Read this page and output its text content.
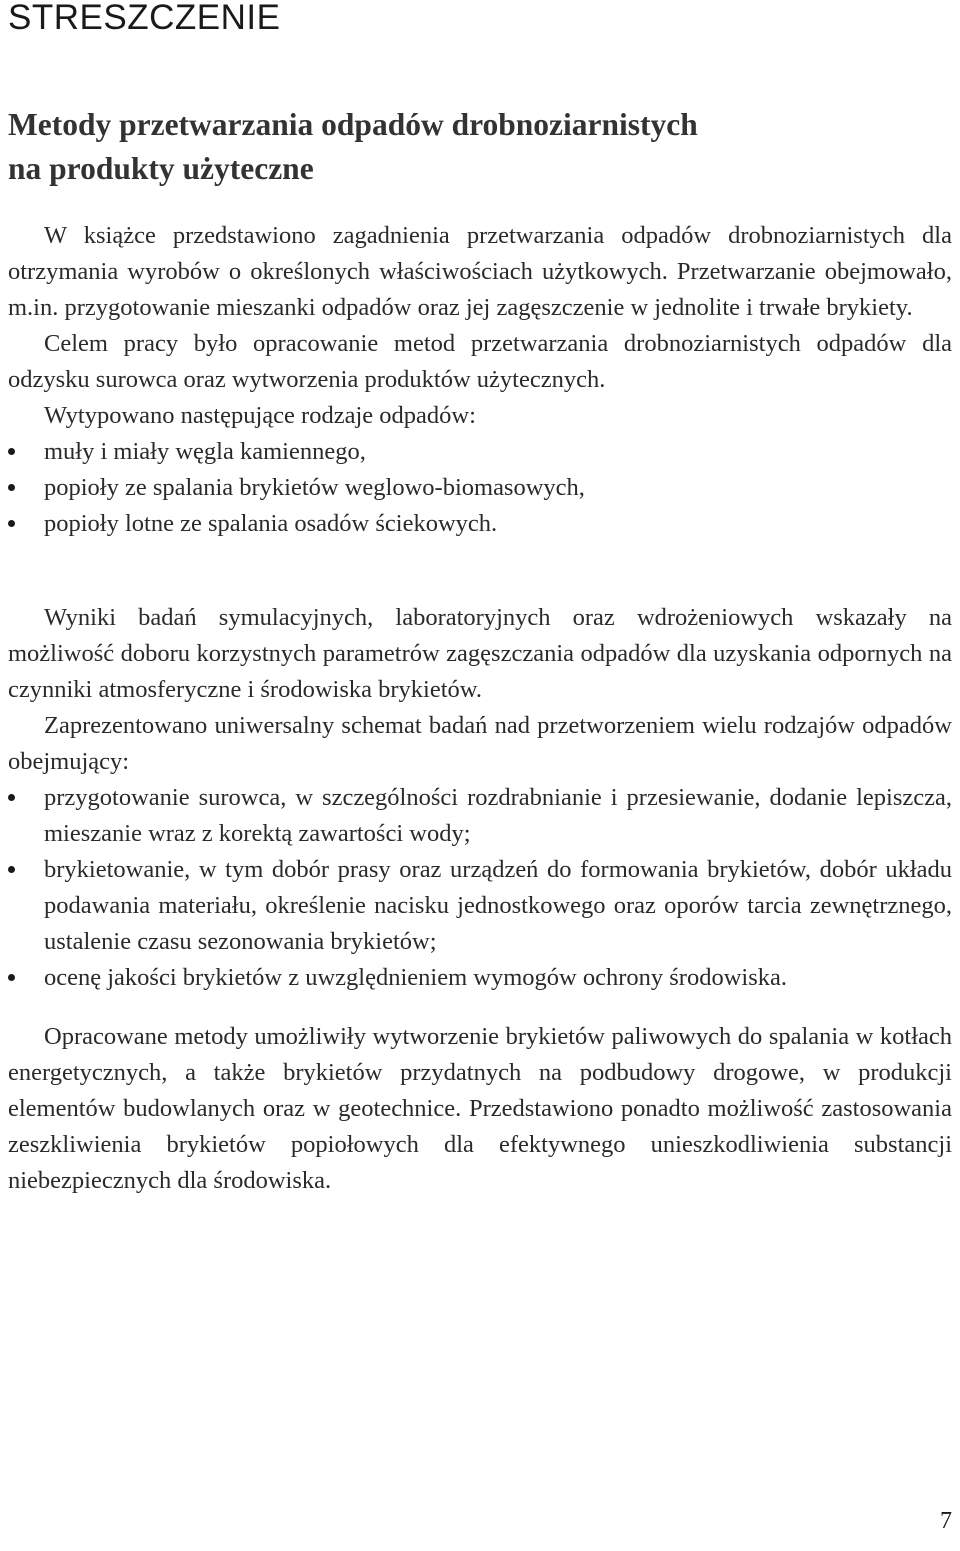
STRESZCZENIE
Metody przetwarzania odpadów drobnoziarnistych
na produkty użyteczne

W książce przedstawiono zagadnienia przetwarzania odpadów drobnoziarnistych dla otrzymania wyrobów o określonych właściwościach użytkowych. Przetwarzanie obejmowało, m.in. przygotowanie mieszanki odpadów oraz jej zagęszczenie w jednolite i trwałe brykiety.

Celem pracy było opracowanie metod przetwarzania drobnoziarnistych odpadów dla odzysku surowca oraz wytworzenia produktów użytecznych.

Wytypowano następujące rodzaje odpadów:

muły i miały węgla kamiennego,
popioły ze spalania brykietów weglowo-biomasowych,
popioły lotne ze spalania osadów ściekowych.

Wyniki badań symulacyjnych, laboratoryjnych oraz wdrożeniowych wskazały na możliwość doboru korzystnych parametrów zagęszczania odpadów dla uzyskania odpornych na czynniki atmosferyczne i środowiska brykietów.

Zaprezentowano uniwersalny schemat badań nad przetworzeniem wielu rodzajów odpadów obejmujący:

przygotowanie surowca, w szczególności rozdrabnianie i przesiewanie, dodanie lepiszcza, mieszanie wraz z korektą zawartości wody;
brykietowanie, w tym dobór prasy oraz urządzeń do formowania brykietów, dobór układu podawania materiału, określenie nacisku jednostkowego oraz oporów tarcia zewnętrznego, ustalenie czasu sezonowania brykietów;
ocenę jakości brykietów z uwzględnieniem wymogów ochrony środowiska.

Opracowane metody umożliwiły wytworzenie brykietów paliwowych do spalania w kotłach energetycznych, a także brykietów przydatnych na podbudowy drogowe, w produkcji elementów budowlanych oraz w geotechnice. Przedstawiono ponadto możliwość zastosowania zeszkliwienia brykietów popiołowych dla efektywnego unieszkodliwienia substancji niebezpiecznych dla środowiska.

7
